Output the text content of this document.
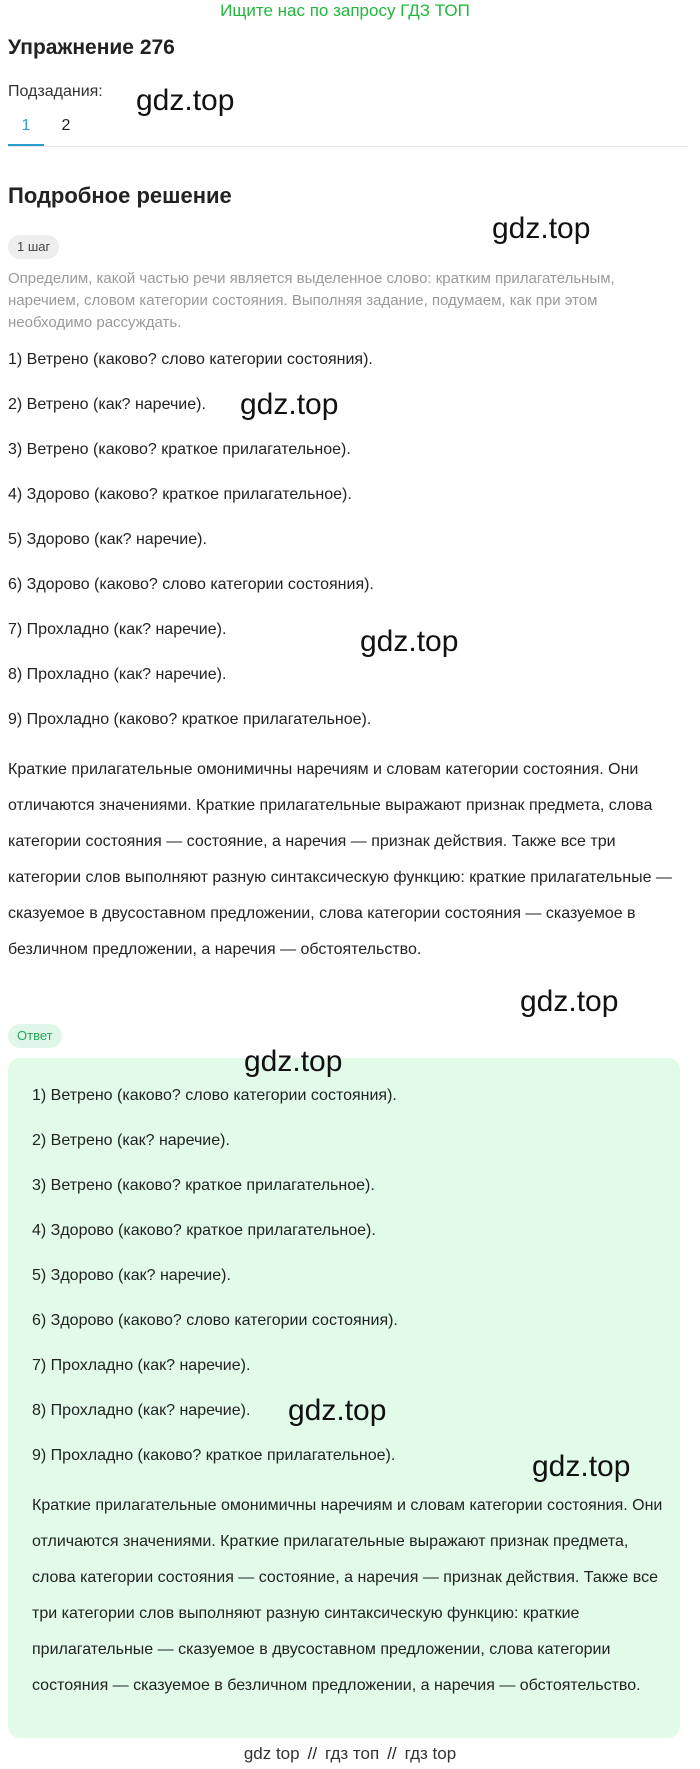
Ищите нас по запросу ГДЗ ТОП
Упражнение 276
Подзадания:
1	2
Подробное решение
1 шаг
Определим, какой частью речи является выделенное слово: кратким прилагательным, наречием, словом категории состояния. Выполняя задание, подумаем, как при этом необходимо рассуждать.
1) Ветрено (каково? слово категории состояния).
2) Ветрено (как? наречие).
3) Ветрено (каково? краткое прилагательное).
4) Здорово (каково? краткое прилагательное).
5) Здорово (как? наречие).
6) Здорово (каково? слово категории состояния).
7) Прохладно (как? наречие).
8) Прохладно (как? наречие).
9) Прохладно (каково? краткое прилагательное).

Краткие прилагательные омонимичны наречиям и словам категории состояния. Они отличаются значениями. Краткие прилагательные выражают признак предмета, слова категории состояния — состояние, а наречия — признак действия. Также все три категории слов выполняют разную синтаксическую функцию: краткие прилагательные — сказуемое в двусоставном предложении, слова категории состояния — сказуемое в безличном предложении, а наречия — обстоятельство.

Ответ
1) Ветрено (каково? слово категории состояния).
2) Ветрено (как? наречие).
3) Ветрено (каково? краткое прилагательное).
4) Здорово (каково? краткое прилагательное).
5) Здорово (как? наречие).
6) Здорово (каково? слово категории состояния).
7) Прохладно (как? наречие).
8) Прохладно (как? наречие).
9) Прохладно (каково? краткое прилагательное).

Краткие прилагательные омонимичны наречиям и словам категории состояния. Они отличаются значениями. Краткие прилагательные выражают признак предмета, слова категории состояния — состояние, а наречия — признак действия. Также все три категории слов выполняют разную синтаксическую функцию: краткие прилагательные — сказуемое в двусоставном предложении, слова категории состояния — сказуемое в безличном предложении, а наречия — обстоятельство.

gdz.top
gdz.top
gdz.top
gdz.top
gdz.top
gdz.top
gdz.top
gdz.top
gdz top // гдз топ // гдз top
